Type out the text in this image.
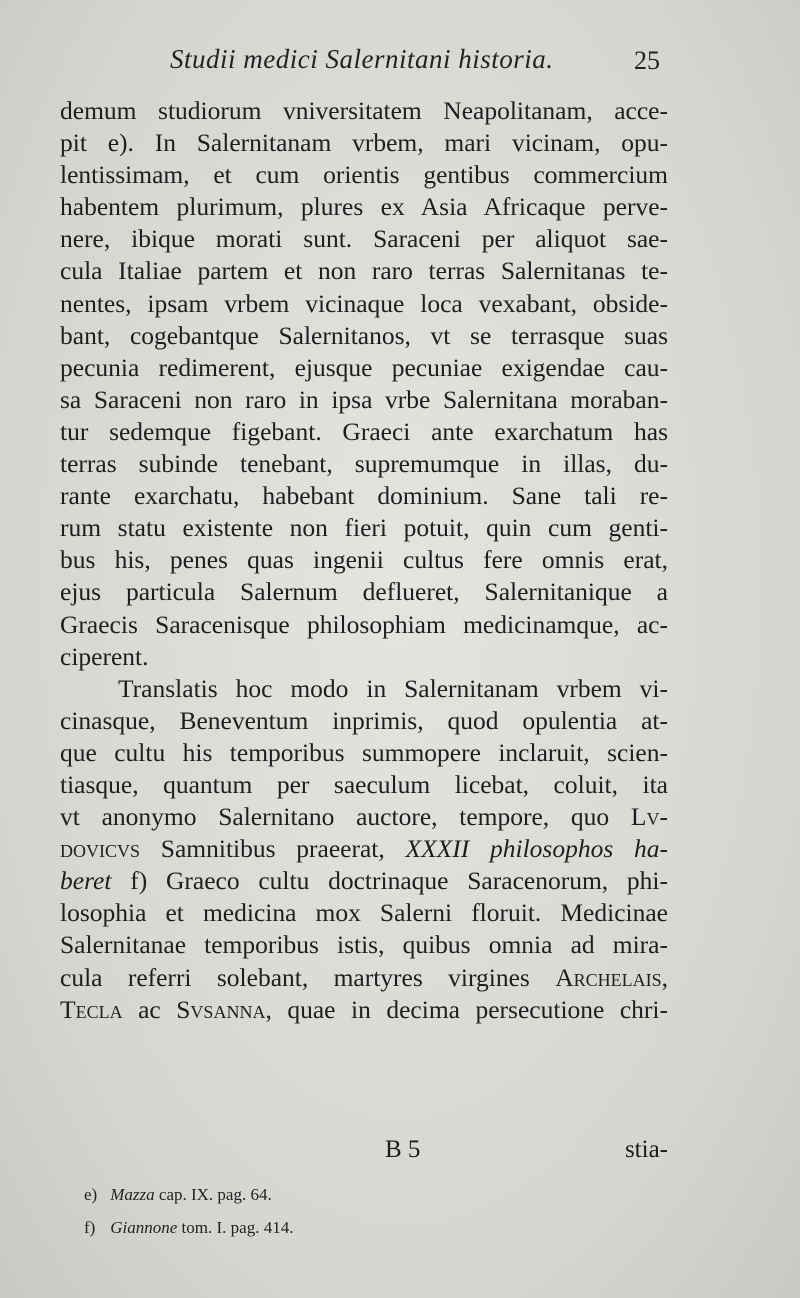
Studii medici Salernitani historia.	25
demum studiorum vniversitatem Neapolitanam, acce-
pit e). In Salernitanam vrbem, mari vicinam, opu-
lentissimam, et cum orientis gentibus commercium
habentem plurimum, plures ex Asia Africaque perve-
nere, ibique morati sunt. Saraceni per aliquot sae-
cula Italiae partem et non raro terras Salernitanas te-
nentes, ipsam vrbem vicinaque loca vexabant, obside-
bant, cogebantque Salernitanos, vt se terrasque suas
pecunia redimerent, ejusque pecuniae exigendae cau-
sa Saraceni non raro in ipsa vrbe Salernitana moraban-
tur sedemque figebant. Graeci ante exarchatum has
terras subinde tenebant, supremumque in illas, du-
rante exarchatu, habebant dominium. Sane tali re-
rum statu existente non fieri potuit, quin cum genti-
bus his, penes quas ingenii cultus fere omnis erat,
ejus particula Salernum deflueret, Salernitanique a
Graecis Saracenisque philosophiam medicinamque, ac-
ciperent.
Translatis hoc modo in Salernitanam vrbem vi-
cinasque, Beneventum inprimis, quod opulentia at-
que cultu his temporibus summopere inclaruit, scien-
tiasque, quantum per saeculum licebat, coluit, ita
vt anonymo Salernitano auctore, tempore, quo Lv-
dovicvs Samnitibus praeerat, XXXII philosophos ha-
beret f) Graeco cultu doctrinaque Saracenorum, phi-
losophia et medicina mox Salerni floruit. Medicinae
Salernitanae temporibus istis, quibus omnia ad mira-
cula referri solebant, martyres virgines Archelais,
Tecla ac Svsanna, quae in decima persecutione chri-
B 5	stia-
e) Mazza cap. IX. pag. 64.
f) Giannone tom. I. pag. 414.
